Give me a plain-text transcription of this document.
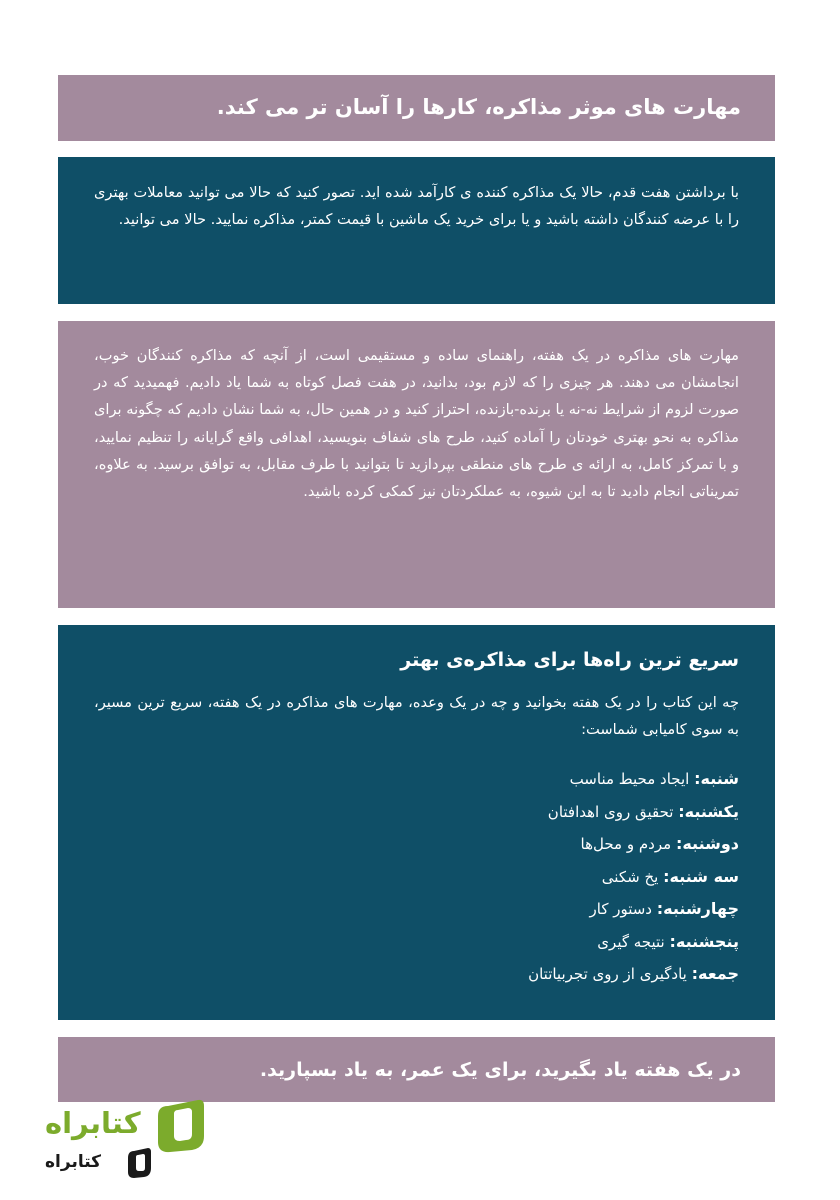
مهارت های موثر مذاکره، کارها را آسان تر می کند.

با برداشتن هفت قدم، حالا یک مذاکره کننده ی کارآمد شده اید. تصور کنید که حالا می توانید معاملات بهتری را با عرضه کنندگان داشته باشید و یا برای خرید یک ماشین با قیمت کمتر، مذاکره نمایید. حالا می توانید.

مهارت های مذاکره در یک هفته، راهنمای ساده و مستقیمی است، از آنچه که مذاکره کنندگان خوب، انجامشان می دهند. هر چیزی را که لازم بود، بدانید، در هفت فصل کوتاه به شما یاد دادیم. فهمیدید که در صورت لزوم از شرایط نه-نه یا برنده-بازنده، احتراز کنید و در همین حال، به شما نشان دادیم که چگونه برای مذاکره به نحو بهتری خودتان را آماده کنید، طرح های شفاف بنویسید، اهدافی واقع گرایانه را تنظیم نمایید، و با تمرکز کامل، به ارائه ی طرح های منطقی بپردازید تا بتوانید با طرف مقابل، به توافق برسید. به علاوه، تمریناتی انجام دادید تا به این شیوه، به عملکردتان نیز کمکی کرده باشید.

سریع ترین راه‌ها برای مذاکره‌ی بهتر

چه این کتاب را در یک هفته بخوانید و چه در یک وعده، مهارت های مذاکره در یک هفته، سریع ترین مسیر، به سوی کامیابی شماست:

شنبه: ایجاد محیط مناسب
یکشنبه: تحقیق روی اهدافتان
دوشنبه: مردم و محل‌ها
سه شنبه: یخ شکنی
چهارشنبه: دستور کار
پنجشنبه: نتیجه گیری
جمعه: یادگیری از روی تجربیاتتان
در یک هفته یاد بگیرید، برای یک عمر، به یاد بسپارید.
کتابراه
کتابراه
